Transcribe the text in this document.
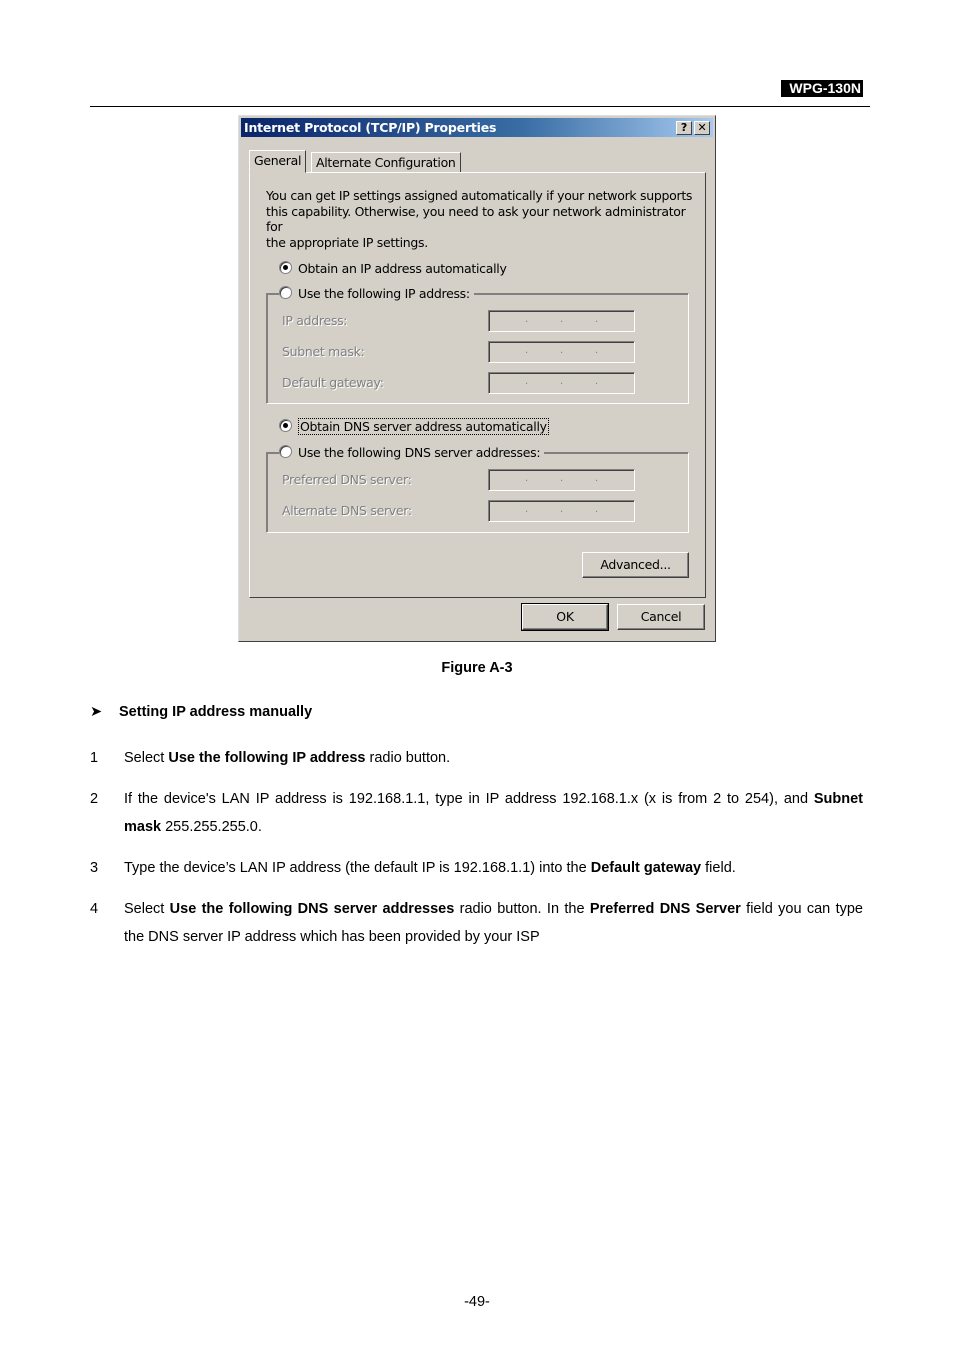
WPG-130N
Internet Protocol (TCP/IP) Properties	? ✕
General	Alternate Configuration
You can get IP settings assigned automatically if your network supports
this capability. Otherwise, you need to ask your network administrator for
the appropriate IP settings.
Obtain an IP address automatically
Use the following IP address:
IP address:	.	.	.
Subnet mask:	.	.	.
Default gateway:	.	.	.
Obtain DNS server address automatically
Use the following DNS server addresses:
Preferred DNS server:	.	.	.
Alternate DNS server:	.	.	.
Advanced...
OK	Cancel
Figure A-3
➤ Setting IP address manually
1 Select Use the following IP address radio button.
2 If the device's LAN IP address is 192.168.1.1, type in IP address 192.168.1.x (x is from 2 to 254), and Subnet mask 255.255.255.0.
3 Type the device’s LAN IP address (the default IP is 192.168.1.1) into the Default gateway field.
4 Select Use the following DNS server addresses radio button. In the Preferred DNS Server field you can type the DNS server IP address which has been provided by your ISP
-49-
